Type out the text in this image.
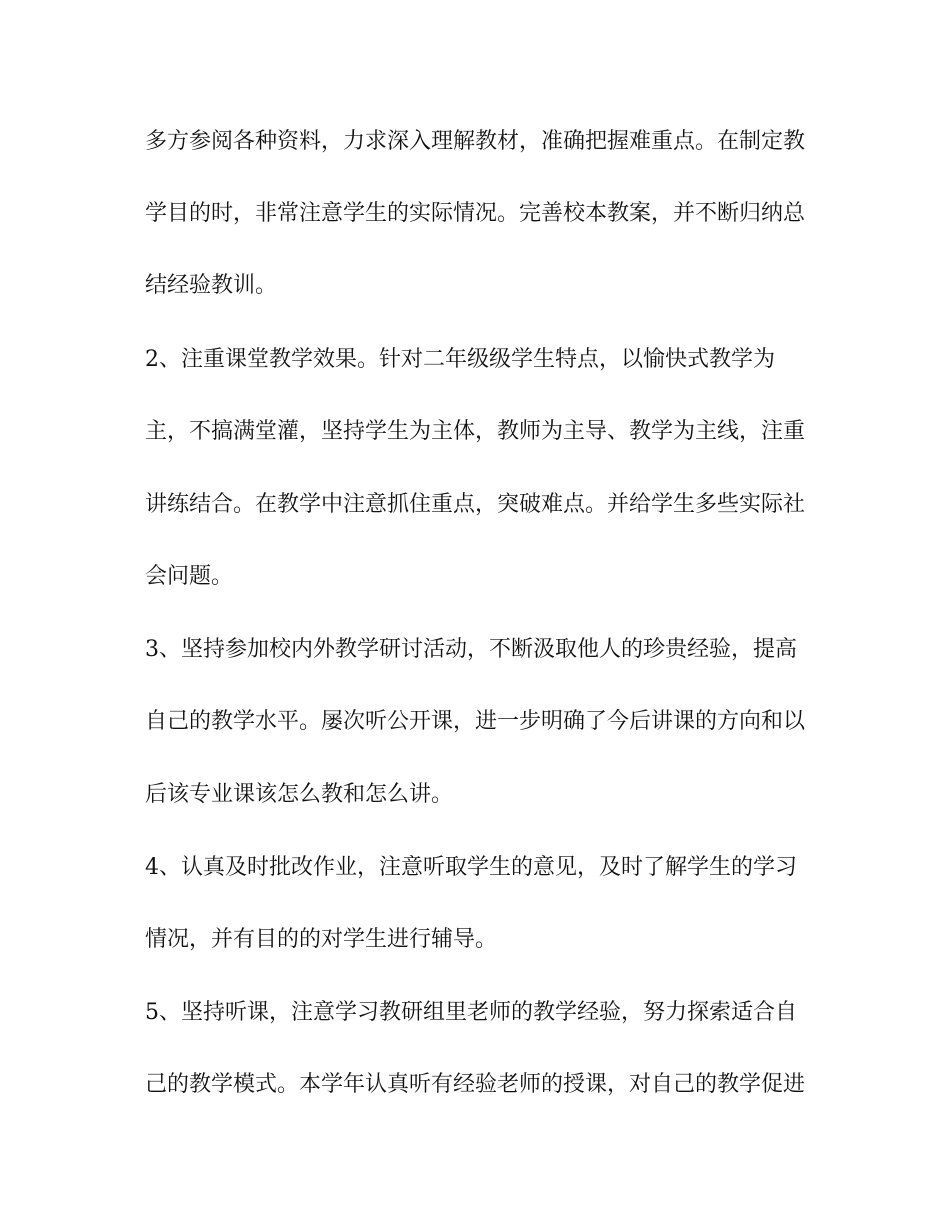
多方参阅各种资料，力求深入理解教材，准确把握难重点。在制定教

学目的时，非常注意学生的实际情况。完善校本教案，并不断归纳总

结经验教训。

2、注重课堂教学效果。针对二年级级学生特点，以愉快式教学为

主，不搞满堂灌，坚持学生为主体，教师为主导、教学为主线，注重

讲练结合。在教学中注意抓住重点，突破难点。并给学生多些实际社

会问题。

3、坚持参加校内外教学研讨活动，不断汲取他人的珍贵经验，提高

自己的教学水平。屡次听公开课，进一步明确了今后讲课的方向和以

后该专业课该怎么教和怎么讲。

4、认真及时批改作业，注意听取学生的意见，及时了解学生的学习

情况，并有目的的对学生进行辅导。

5、坚持听课，注意学习教研组里老师的教学经验，努力探索适合自

己的教学模式。本学年认真听有经验老师的授课，对自己的教学促进
